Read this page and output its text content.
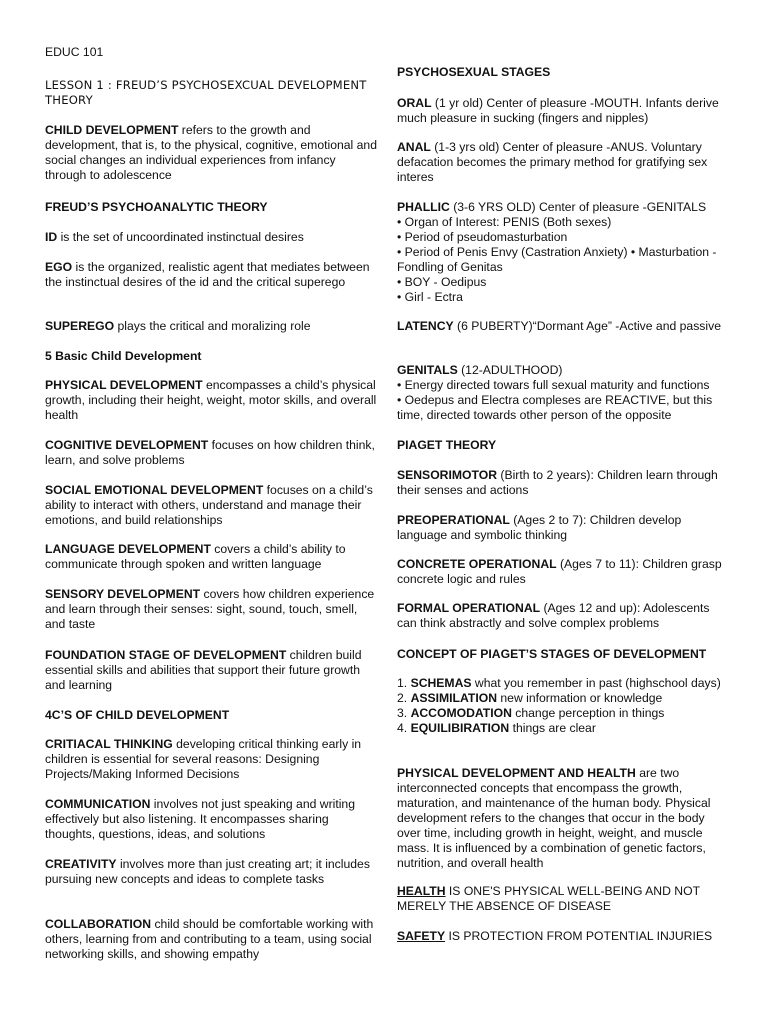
EDUC 101

LESSON 1 : FREUD’S PSYCHOSEXCUAL DEVELOPMENT THEORY

CHILD DEVELOPMENT refers to the growth and development, that is, to the physical, cognitive, emotional and social changes an individual experiences from infancy through to adolescence

FREUD’S PSYCHOANALYTIC THEORY

ID is the set of uncoordinated instinctual desires

EGO is the organized, realistic agent that mediates between the instinctual desires of the id and the critical superego

SUPEREGO plays the critical and moralizing role

5 Basic Child Development

PHYSICAL DEVELOPMENT encompasses a child’s physical growth, including their height, weight, motor skills, and overall health

COGNITIVE DEVELOPMENT focuses on how children think, learn, and solve problems

SOCIAL EMOTIONAL DEVELOPMENT focuses on a child’s ability to interact with others, understand and manage their emotions, and build relationships

LANGUAGE DEVELOPMENT covers a child’s ability to communicate through spoken and written language

SENSORY DEVELOPMENT covers how children experience and learn through their senses: sight, sound, touch, smell, and taste

FOUNDATION STAGE OF DEVELOPMENT children build essential skills and abilities that support their future growth and learning

4C’S OF CHILD DEVELOPMENT

CRITIACAL THINKING developing critical thinking early in children is essential for several reasons: Designing Projects/Making Informed Decisions

COMMUNICATION involves not just speaking and writing effectively but also listening. It encompasses sharing thoughts, questions, ideas, and solutions

CREATIVITY involves more than just creating art; it includes pursuing new concepts and ideas to complete tasks

COLLABORATION child should be comfortable working with others, learning from and contributing to a team, using social networking skills, and showing empathy

PSYCHOSEXUAL STAGES

ORAL (1 yr old) Center of pleasure -MOUTH. Infants derive much pleasure in sucking (fingers and nipples)

ANAL (1-3 yrs old) Center of pleasure -ANUS. Voluntary defacation becomes the primary method for gratifying sex interes

PHALLIC (3-6 YRS OLD) Center of pleasure -GENITALS
• Organ of Interest: PENIS (Both sexes)
• Period of pseudomasturbation
• Period of Penis Envy (Castration Anxiety) • Masturbation - Fondling of Genitas
• BOY - Oedipus
• Girl - Ectra

LATENCY (6 PUBERTY)“Dormant Age” -Active and passive

GENITALS (12-ADULTHOOD)
• Energy directed towars full sexual maturity and functions
• Oedepus and Electra compleses are REACTIVE, but this time, directed towards other person of the opposite

PIAGET THEORY

SENSORIMOTOR (Birth to 2 years): Children learn through their senses and actions

PREOPERATIONAL (Ages 2 to 7): Children develop language and symbolic thinking

CONCRETE OPERATIONAL (Ages 7 to 11): Children grasp concrete logic and rules

FORMAL OPERATIONAL (Ages 12 and up): Adolescents can think abstractly and solve complex problems

CONCEPT OF PIAGET’S STAGES OF DEVELOPMENT

1. SCHEMAS what you remember in past (highschool days)
2. ASSIMILATION new information or knowledge
3. ACCOMODATION change perception in things
4. EQUILIBIRATION things are clear

PHYSICAL DEVELOPMENT AND HEALTH are two interconnected concepts that encompass the growth, maturation, and maintenance of the human body. Physical development refers to the changes that occur in the body over time, including growth in height, weight, and muscle mass. It is influenced by a combination of genetic factors, nutrition, and overall health

HEALTH IS ONE'S PHYSICAL WELL-BEING AND NOT MERELY THE ABSENCE OF DISEASE

SAFETY IS PROTECTION FROM POTENTIAL INJURIES
